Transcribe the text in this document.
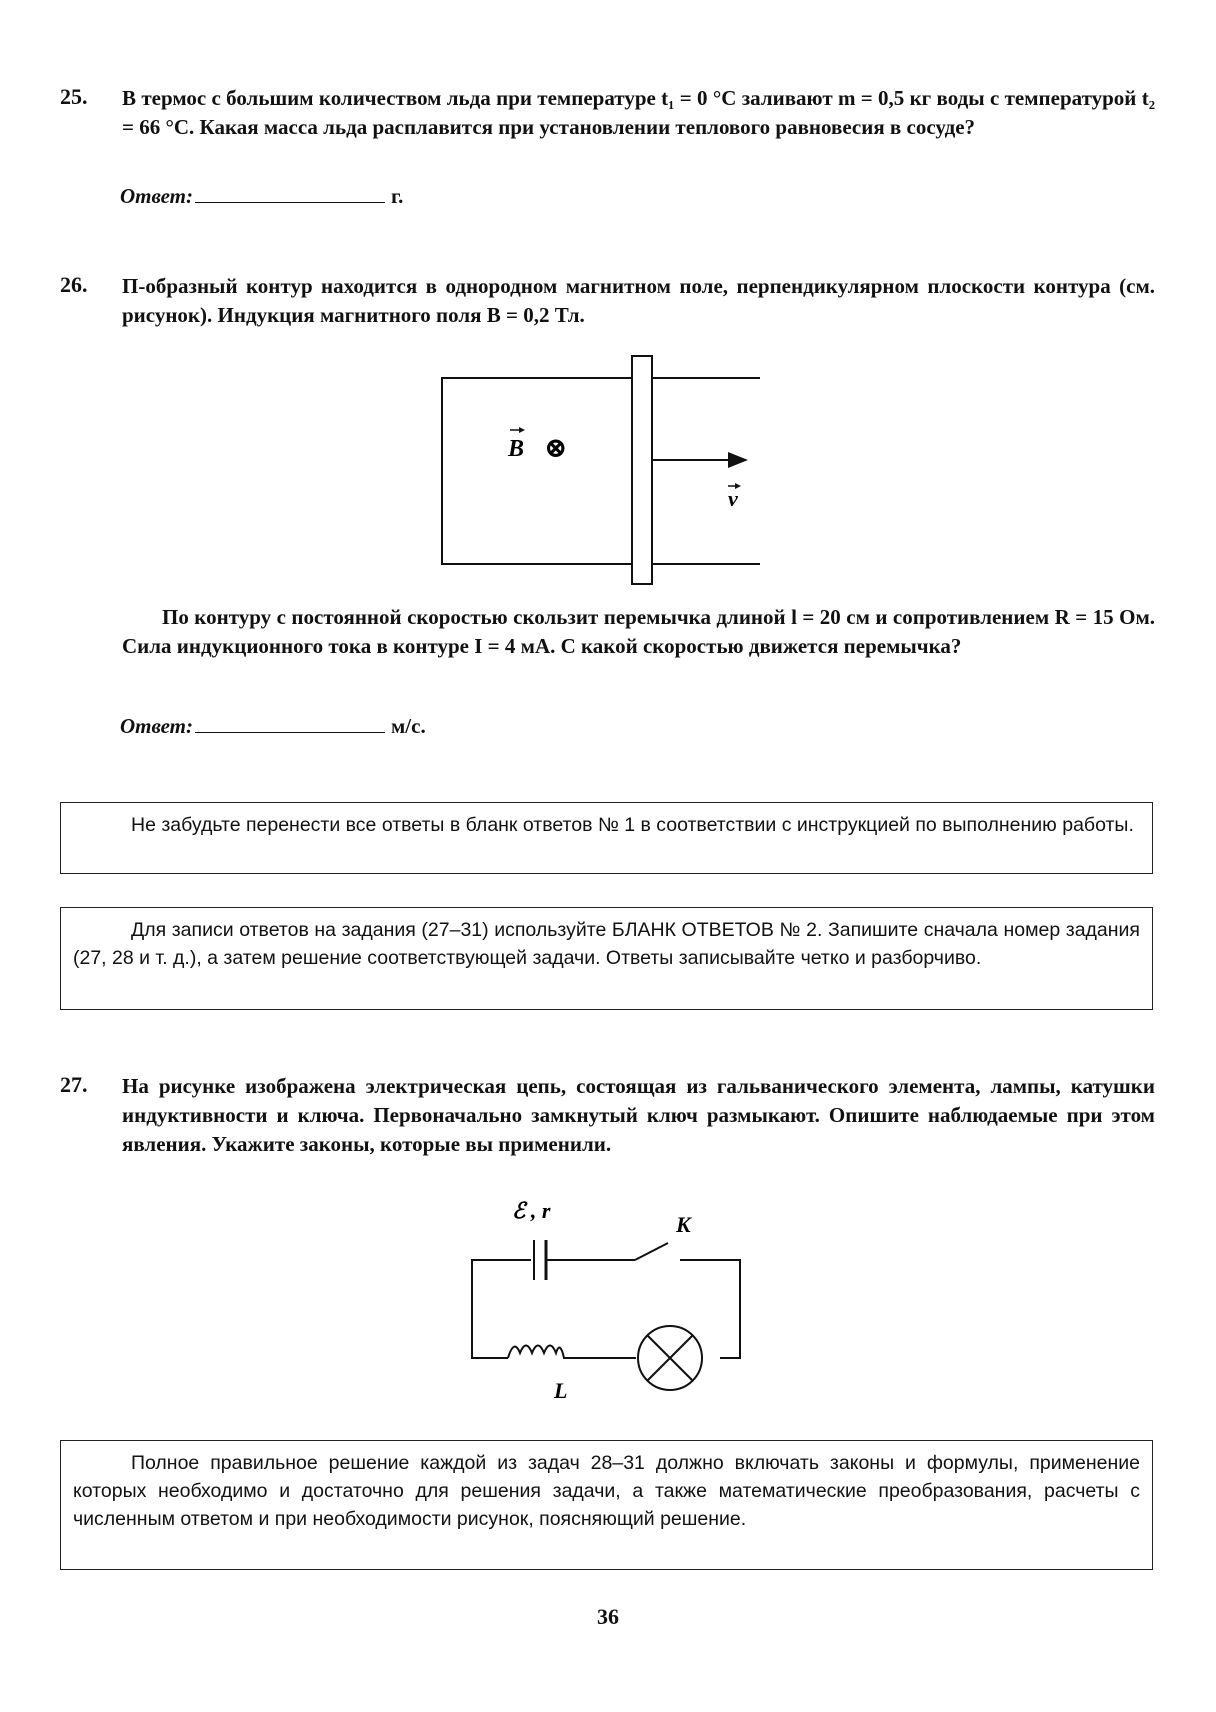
25. В термос с большим количеством льда при температуре t₁ = 0 °С заливают m = 0,5 кг воды с температурой t₂ = 66 °С. Какая масса льда расплавится при установлении теплового равновесия в сосуде?
Ответ:	г.
26. П-образный контур находится в однородном магнитном поле, перпендикулярном плоскости контура (см. рисунок). Индукция магнитного поля B = 0,2 Тл.
B ⊗
v
По контуру с постоянной скоростью скользит перемычка длиной l = 20 см и сопротивлением R = 15 Ом. Сила индукционного тока в контуре I = 4 мА. С какой скоростью движется перемычка?
Ответ:	м/с.

Не забудьте перенести все ответы в бланк ответов № 1 в соответствии с инструкцией по выполнению работы.

Для записи ответов на задания (27–31) используйте БЛАНК ОТВЕТОВ № 2. Запишите сначала номер задания (27, 28 и т. д.), а затем решение соответствующей задачи. Ответы записывайте четко и разборчиво.

27. На рисунке изображена электрическая цепь, состоящая из гальванического элемента, лампы, катушки индуктивности и ключа. Первоначально замкнутый ключ размыкают. Опишите наблюдаемые при этом явления. Укажите законы, которые вы применили.
ℰ , r
K
L

Полное правильное решение каждой из задач 28–31 должно включать законы и формулы, применение которых необходимо и достаточно для решения задачи, а также математические преобразования, расчеты с численным ответом и при необходимости рисунок, поясняющий решение.

36
